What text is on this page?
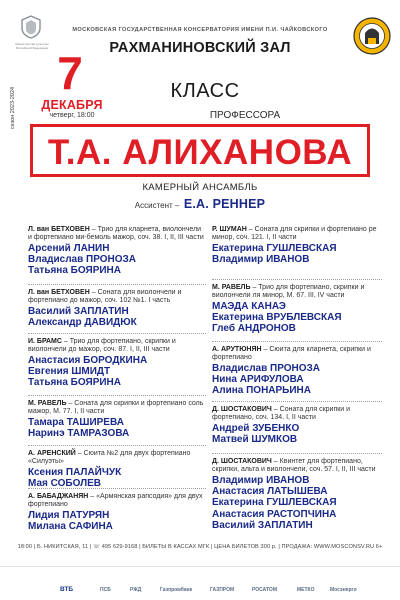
Министерство культуры Российской Федерации
МОСКОВСКАЯ ГОСУДАРСТВЕННАЯ КОНСЕРВАТОРИЯ ИМЕНИ П.И. ЧАЙКОВСКОГО
РАХМАНИНОВСКИЙ ЗАЛ
сезон 2023-2024
7
ДЕКАБРЯ
четверг, 18:00
КЛАСС
ПРОФЕССОРА
Т.А. АЛИХАНОВА
КАМЕРНЫЙ АНСАМБЛЬ
Ассистент – Е.А. РЕННЕР
Л. ван БЕТХОВЕН – Трио для кларнета, виолончели и фортепиано ми-бемоль мажор, соч. 38. I, II, III части
Арсений ЛАНИН
Владислав ПРОНОЗА
Татьяна БОЯРИНА
Л. ван БЕТХОВЕН – Соната для виолончели и фортепиано до мажор, соч. 102 №1. I часть
Василий ЗАПЛАТИН
Александр ДАВИДЮК
И. БРАМС – Трио для фортепиано, скрипки и виолончели до мажор, соч. 87. I, II, III части
Анастасия БОРОДКИНА
Евгения ШМИДТ
Татьяна БОЯРИНА
М. РАВЕЛЬ – Соната для скрипки и фортепиано соль мажор, М. 77. I, II части
Тамара ТАШИРЕВА
Наринэ ТАМРАЗОВА
А. АРЕНСКИЙ – Сюита №2 для двух фортепиано «Силуэты»
Ксения ПАЛАЙЧУК
Мая СОБОЛЕВ
А. БАБАДЖАНЯН – «Армянская рапсодия» для двух фортепиано
Лидия ПАТУРЯН
Милана САФИНА
Р. ШУМАН – Соната для скрипки и фортепиано ре минор, соч. 121. I, II части
Екатерина ГУШЛЕВСКАЯ
Владимир ИВАНОВ
М. РАВЕЛЬ – Трио для фортепиано, скрипки и виолончели ля минор, М. 67. III, IV части
МАЭДА КАНАЭ
Екатерина ВРУБЛЕВСКАЯ
Глеб АНДРОНОВ
А. АРУТЮНЯН – Сюита для кларнета, скрипки и фортепиано
Владислав ПРОНОЗА
Нина АРИФУЛОВА
Алина ПОНАРЬИНА
Д. ШОСТАКОВИЧ – Соната для скрипки и фортепиано, соч. 134. I, II части
Андрей ЗУБЕНКО
Матвей ШУМКОВ
Д. ШОСТАКОВИЧ – Квинтет для фортепиано, скрипки, альта и виолончели, соч. 57. I, II, III части
Владимир ИВАНОВ
Анастасия ЛАТЫШЕВА
Екатерина ГУШЛЕВСКАЯ
Анастасия РАСТОПЧИНА
Василий ЗАПЛАТИН
18:00 | Б. НИКИТСКАЯ, 11 | ☏ 495 629-9168 | БИЛЕТЫ В КАССАХ МГК | ЦЕНА БИЛЕТОВ 300 р. | ПРОДАЖА: WWW.MOSCONSV.RU 6+
ВТБ	ПСБ	РЖД	Газпромбанк	ГАЗПРОМ	РОСАТОМ	МЕТКО	Мосэнерго
